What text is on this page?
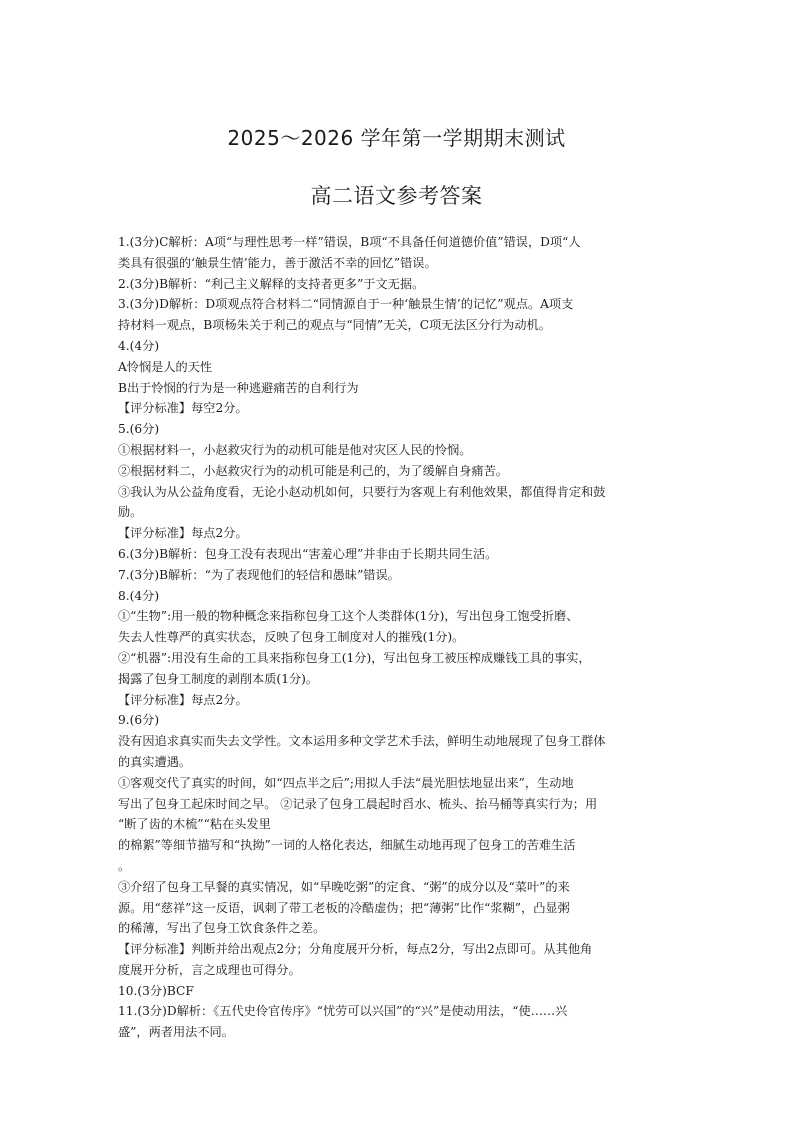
2025～2026 学年第一学期期末测试
高二语文参考答案
1.(3分)C解析：A项“与理性思考一样”错误，B项“不具备任何道德价值”错误，D项“人
类具有很强的‘触景生情’能力，善于激活不幸的回忆”错误。
2.(3分)B解析：“利己主义解释的支持者更多”于文无据。
3.(3分)D解析：D项观点符合材料二“同情源自于一种‘触景生情’的记忆”观点。A项支
持材料一观点，B项杨朱关于利己的观点与“同情”无关，C项无法区分行为动机。
4.(4分)
A怜悯是人的天性
B出于怜悯的行为是一种逃避痛苦的自利行为
【评分标准】每空2分。
5.(6分)
①根据材料一，小赵救灾行为的动机可能是他对灾区人民的怜悯。
②根据材料二，小赵救灾行为的动机可能是利己的，为了缓解自身痛苦。
③我认为从公益角度看，无论小赵动机如何，只要行为客观上有利他效果，都值得肯定和鼓
励。
【评分标准】每点2分。
6.(3分)B解析：包身工没有表现出“害羞心理”并非由于长期共同生活。
7.(3分)B解析：“为了表现他们的轻信和愚昧”错误。
8.(4分)
①“生物”:用一般的物种概念来指称包身工这个人类群体(1分)，写出包身工饱受折磨、
失去人性尊严的真实状态，反映了包身工制度对人的摧残(1分)。
②“机器”:用没有生命的工具来指称包身工(1分)，写出包身工被压榨成赚钱工具的事实，
揭露了包身工制度的剥削本质(1分)。
【评分标准】每点2分。
9.(6分)
没有因追求真实而失去文学性。文本运用多种文学艺术手法，鲜明生动地展现了包身工群体
的真实遭遇。
①客观交代了真实的时间，如“四点半之后”;用拟人手法“晨光胆怯地显出来”，生动地
写出了包身工起床时间之早。 ②记录了包身工晨起时舀水、梳头、抬马桶等真实行为；用
“断了齿的木梳”“粘在头发里
的棉絮”等细节描写和“执拗”一词的人格化表达，细腻生动地再现了包身工的苦难生活
。
③介绍了包身工早餐的真实情况，如“早晚吃粥”的定食、“粥”的成分以及“菜叶”的来
源。用“慈祥”这一反语，讽刺了带工老板的冷酷虚伪；把“薄粥”比作“浆糊”，凸显粥
的稀薄，写出了包身工饮食条件之差。
【评分标准】判断并给出观点2分；分角度展开分析，每点2分，写出2点即可。从其他角
度展开分析，言之成理也可得分。
10.(3分)BCF
11.(3分)D解析：《五代史伶官传序》“忧劳可以兴国”的“兴”是使动用法，“使……兴
盛”，两者用法不同。
